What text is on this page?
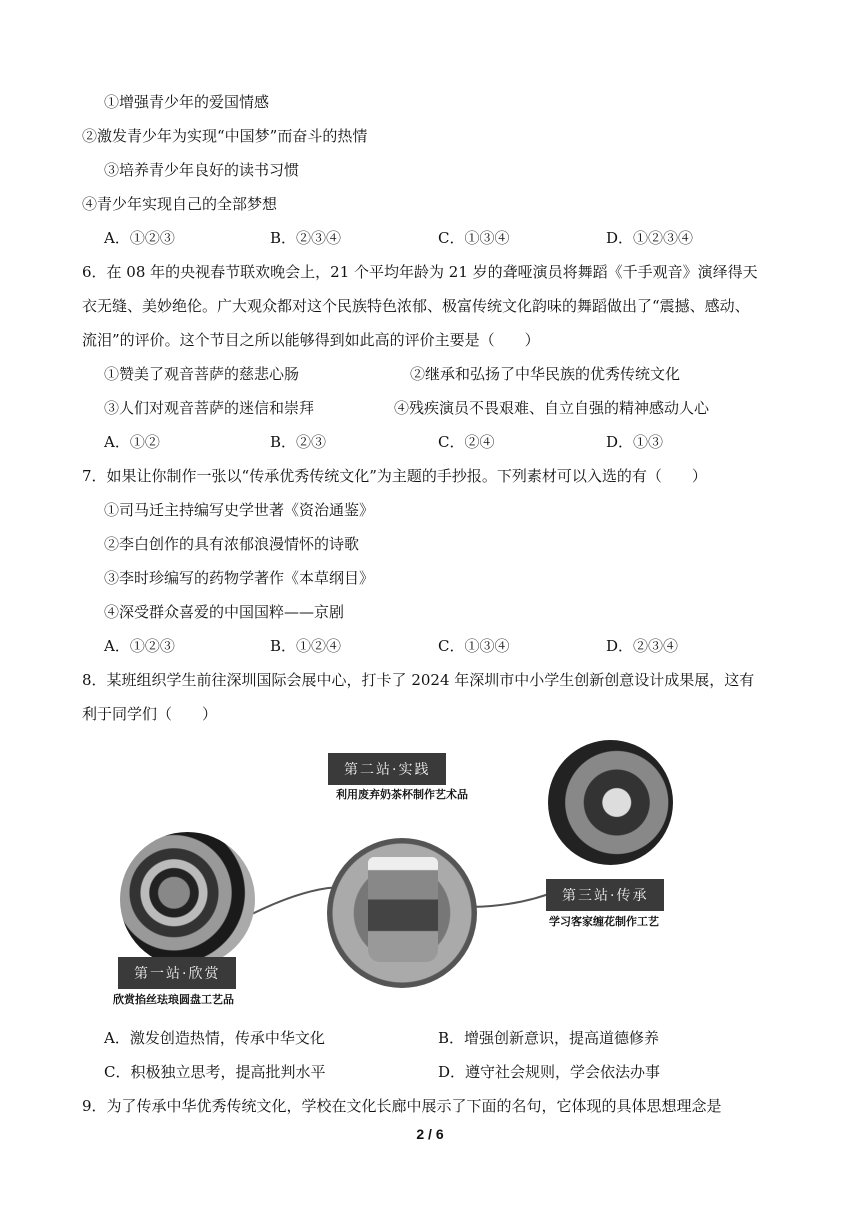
①增强青少年的爱国情感
②激发青少年为实现“中国梦”而奋斗的热情
③培养青少年良好的读书习惯
④青少年实现自己的全部梦想
A．①②③	B．②③④	C．①③④	D．①②③④
6．在 08 年的央视春节联欢晚会上，21 个平均年龄为 21 岁的聋哑演员将舞蹈《千手观音》演绎得天
衣无缝、美妙绝伦。广大观众都对这个民族特色浓郁、极富传统文化韵味的舞蹈做出了“震撼、感动、
流泪”的评价。这个节目之所以能够得到如此高的评价主要是（　　）
①赞美了观音菩萨的慈悲心肠	②继承和弘扬了中华民族的优秀传统文化
③人们对观音菩萨的迷信和崇拜	④残疾演员不畏艰难、自立自强的精神感动人心
A．①②	B．②③	C．②④	D．①③
7．如果让你制作一张以“传承优秀传统文化”为主题的手抄报。下列素材可以入选的有（　　）
①司马迁主持编写史学世著《资治通鉴》
②李白创作的具有浓郁浪漫情怀的诗歌
③李时珍编写的药物学著作《本草纲目》
④深受群众喜爱的中国国粹——京剧
A．①②③	B．①②④	C．①③④	D．②③④
8．某班组织学生前往深圳国际会展中心，打卡了 2024 年深圳市中小学生创新创意设计成果展，这有
利于同学们（　　）
第二站·实践
利用废弃奶茶杯制作艺术品
第三站·传承
学习客家缠花制作工艺
第一站·欣赏
欣赏掐丝珐琅圆盘工艺品
A．激发创造热情，传承中华文化	B．增强创新意识，提高道德修养
C．积极独立思考，提高批判水平	D．遵守社会规则，学会依法办事
9．为了传承中华优秀传统文化，学校在文化长廊中展示了下面的名句，它体现的具体思想理念是
2 / 6
